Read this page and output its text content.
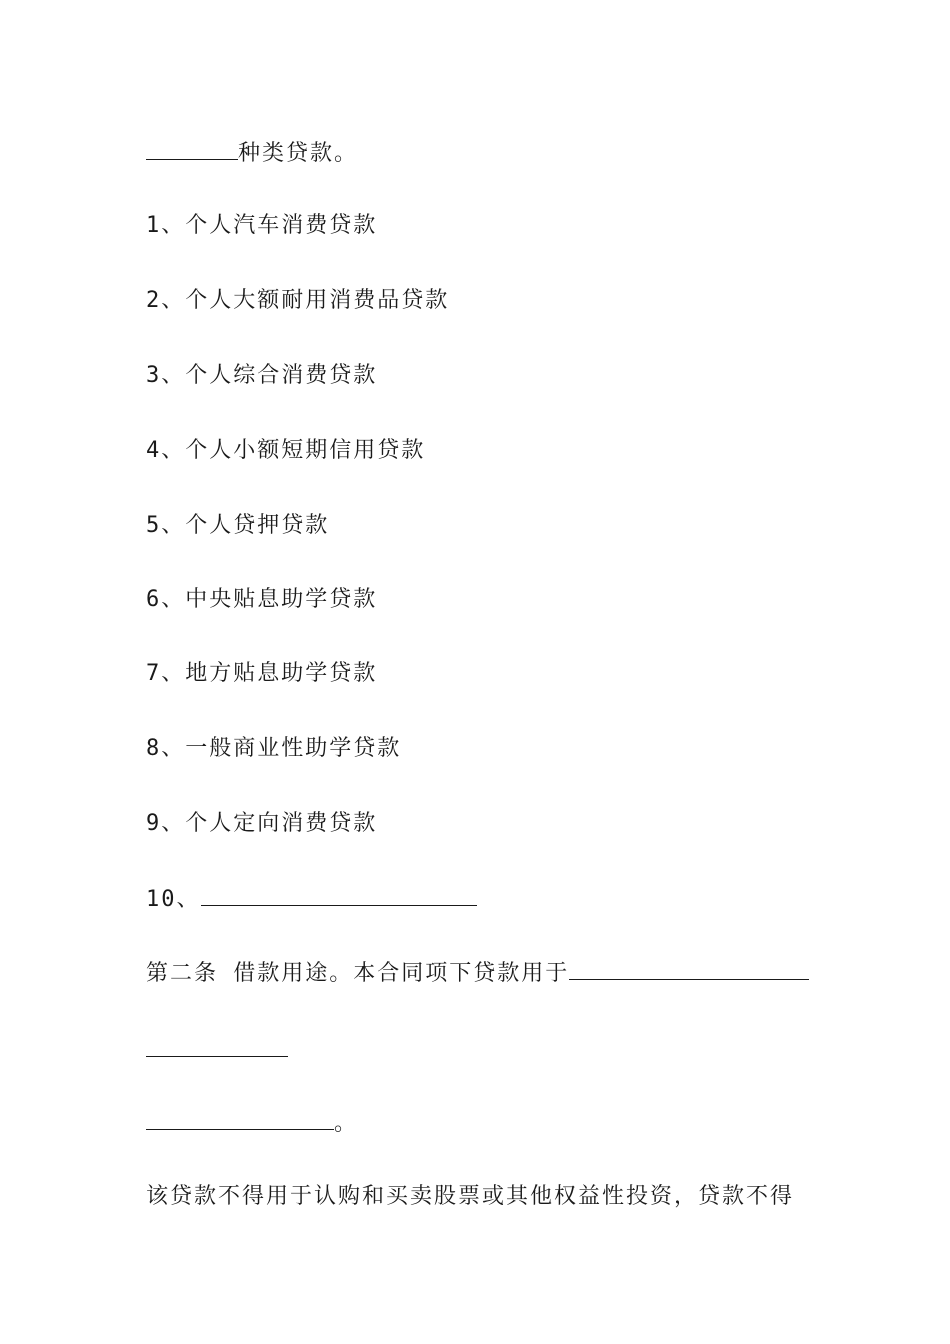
种类贷款。
1、个人汽车消费贷款
2、个人大额耐用消费品贷款
3、个人综合消费贷款
4、个人小额短期信用贷款
5、个人贷押贷款
6、中央贴息助学贷款
7、地方贴息助学贷款
8、一般商业性助学贷款
9、个人定向消费贷款
10、
第二条 借款用途。本合同项下贷款用于
。
该贷款不得用于认购和买卖股票或其他权益性投资，贷款不得
